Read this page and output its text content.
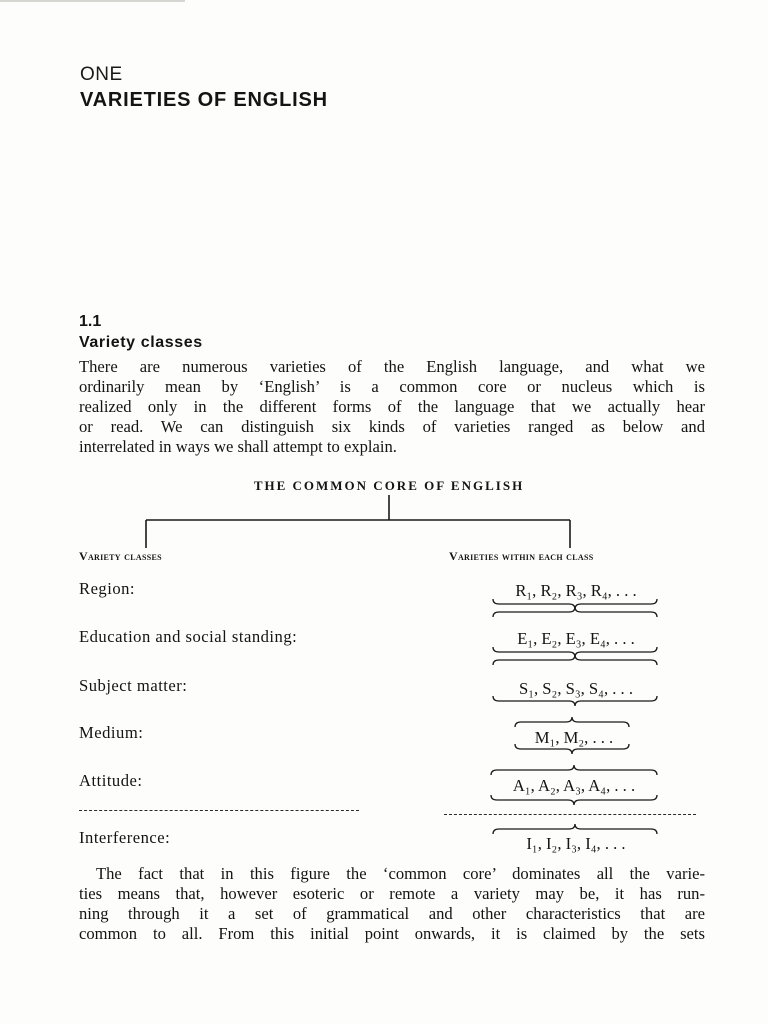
ONE
VARIETIES OF ENGLISH
1.1
Variety classes
There are numerous varieties of the English language, and what we
ordinarily mean by ‘English’ is a common core or nucleus which is
realized only in the different forms of the language that we actually hear
or read. We can distinguish six kinds of varieties ranged as below and
interrelated in ways we shall attempt to explain.
THE COMMON CORE OF ENGLISH
Variety classes	Varieties within each class
Region:	R₁, R₂, R₃, R₄, . . .
Education and social standing:	E₁, E₂, E₃, E₄, . . .
Subject matter:	S₁, S₂, S₃, S₄, . . .
Medium:	M₁, M₂, . . .
Attitude:	A₁, A₂, A₃, A₄, . . .
Interference:	I₁, I₂, I₃, I₄, . . .
The fact that in this figure the ‘common core’ dominates all the varie-
ties means that, however esoteric or remote a variety may be, it has run-
ning through it a set of grammatical and other characteristics that are
common to all. From this initial point onwards, it is claimed by the sets
